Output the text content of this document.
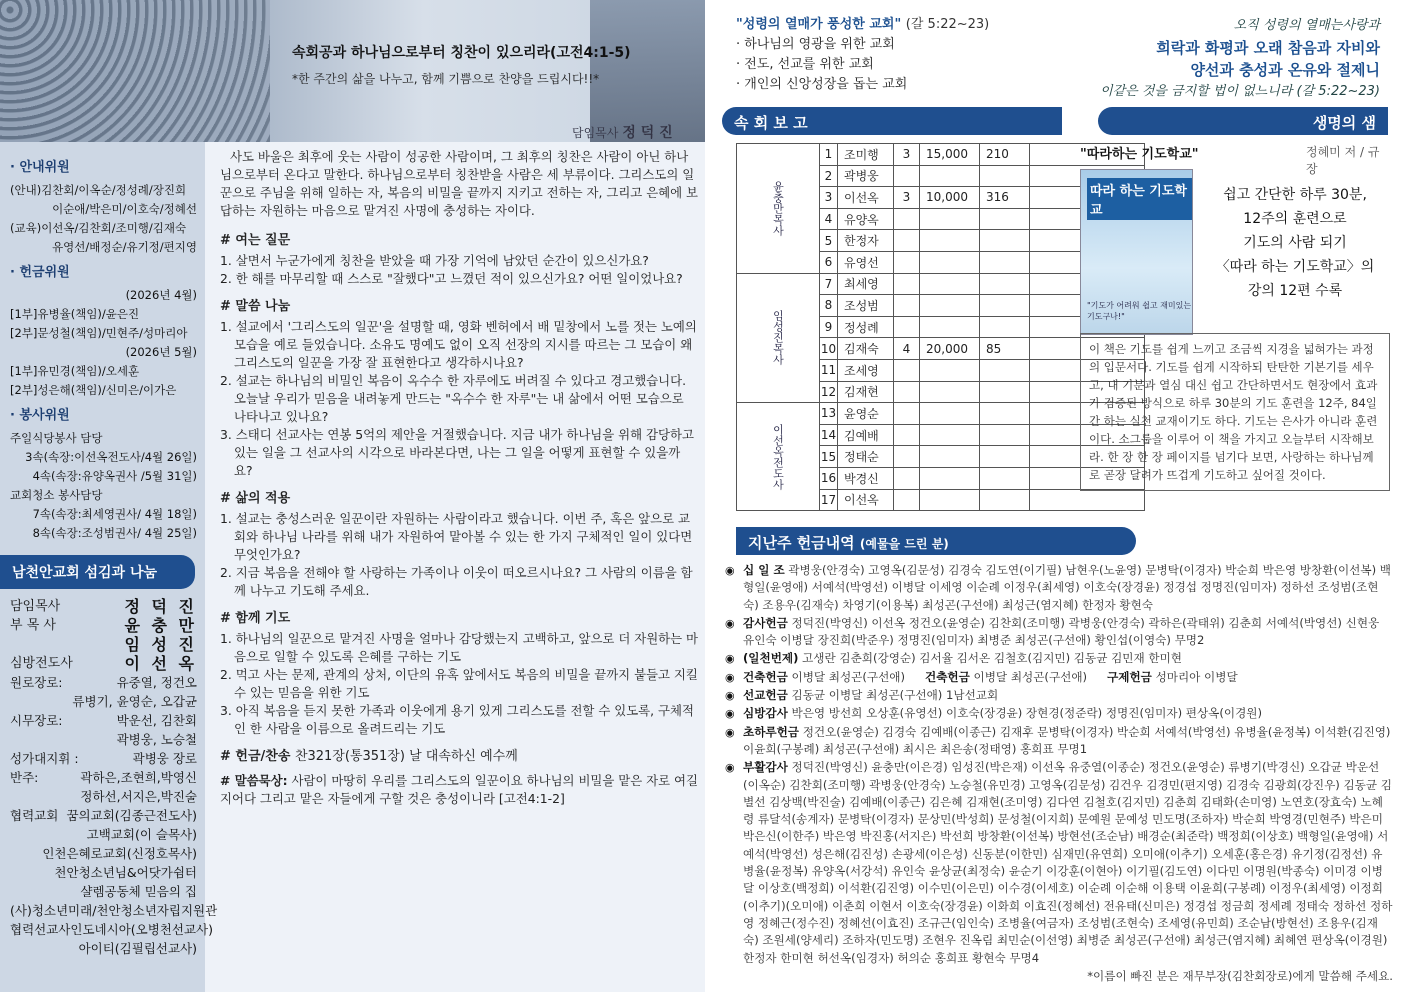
속회공과 하나님으로부터 칭찬이 있으리라(고전4:1-5)
*한 주간의 삶을 나누고, 함께 기쁨으로 찬양을 드립시다!!*
담임목사 정 덕 진
· 안내위원
(안내)김찬회/이옥순/정성례/장진희
이순애/박은미/이호숙/정혜선
(교육)이선옥/김찬회/조미행/김재숙
유영선/배정순/유기정/편지영
· 헌금위원
(2026년 4월)
[1부]유병율(책임)/윤은진
[2부]문성철(책임)/민현주/성마리아
(2026년 5월)
[1부]유민경(책임)/오세훈
[2부]성은해(책임)/신미은/이가은
· 봉사위원
주일식당봉사 담당
3속(속장:이선옥전도사/4월 26일)
4속(속장:유양옥권사 /5월 31일)
교회청소 봉사담당
7속(속장:최세영권사/ 4월 18일)
8속(속장:조성범권사/ 4월 25일)
남천안교회 섬김과 나눔
담임목사	정 덕 진
부 목 사	윤 충 만
임 성 진
심방전도사	이 선 옥
원로장로:	유중열, 정건오
류병기, 윤영순, 오갑균
시무장로:	박운선, 김찬회
곽병웅, 노승철
성가대지휘 :	곽병웅 장로
반주:	곽하은,조현희,박영신
정하선,서지은,박진술
협력교회 꿈의교회(김종근전도사)
고백교회(이 슬목사)
인천은혜로교회(신정호목사)
천안청소년님&어닷가쉼터
샬렘공동체 믿음의 집
(사)청소년미래/천안청소년자립지원관
협력선교사 인도네시아(오병천선교사)
아이티(김필립선교사)

사도 바울은 최후에 웃는 사람이 성공한 사람이며, 그 최후의 칭찬은 사람이 아닌 하나님으로부터 온다고 말한다. 하나님으로부터 칭찬받을 사람은 세 부류이다. 그리스도의 일꾼으로 주님을 위해 일하는 자, 복음의 비밀을 끝까지 지키고 전하는 자, 그리고 은혜에 보답하는 자원하는 마음으로 맡겨진 사명에 충성하는 자이다.

# 여는 질문
1. 살면서 누군가에게 칭찬을 받았을 때 가장 기억에 남았던 순간이 있으신가요?
2. 한 해를 마무리할 때 스스로 "잘했다"고 느꼈던 적이 있으신가요? 어떤 일이었나요?
# 말씀 나눔
1. 설교에서 '그리스도의 일꾼'을 설명할 때, 영화 벤허에서 배 밑창에서 노를 젓는 노예의 모습을 예로 들었습니다. 소유도 명예도 없이 오직 선장의 지시를 따르는 그 모습이 왜 그리스도의 일꾼을 가장 잘 표현한다고 생각하시나요?
2. 설교는 하나님의 비밀인 복음이 옥수수 한 자루에도 버려질 수 있다고 경고했습니다. 오늘날 우리가 믿음을 내려놓게 만드는 "옥수수 한 자루"는 내 삶에서 어떤 모습으로 나타나고 있나요?
3. 스태디 선교사는 연봉 5억의 제안을 거절했습니다. 지금 내가 하나님을 위해 감당하고 있는 일을 그 선교사의 시각으로 바라본다면, 나는 그 일을 어떻게 표현할 수 있을까요?
# 삶의 적용
1. 설교는 충성스러운 일꾼이란 자원하는 사람이라고 했습니다. 이번 주, 혹은 앞으로 교회와 하나님 나라를 위해 내가 자원하여 맡아볼 수 있는 한 가지 구체적인 일이 있다면 무엇인가요?
2. 지금 복음을 전해야 할 사랑하는 가족이나 이웃이 떠오르시나요? 그 사람의 이름을 함께 나누고 기도해 주세요.
# 함께 기도
1. 하나님의 일꾼으로 맡겨진 사명을 얼마나 감당했는지 고백하고, 앞으로 더 자원하는 마음으로 일할 수 있도록 은혜를 구하는 기도
2. 먹고 사는 문제, 관계의 상처, 이단의 유혹 앞에서도 복음의 비밀을 끝까지 붙들고 지킬 수 있는 믿음을 위한 기도
3. 아직 복음을 듣지 못한 가족과 이웃에게 용기 있게 그리스도를 전할 수 있도록, 구체적인 한 사람을 이름으로 올려드리는 기도
# 헌금/찬송 찬321장(통351장) 날 대속하신 예수께
# 말씀묵상: 사람이 마땅히 우리를 그리스도의 일꾼이요 하나님의 비밀을 맡은 자로 여길지어다 그리고 맡은 자들에게 구할 것은 충성이니라 [고전4:1-2]
"성령의 열매가 풍성한 교회" (갈 5:22~23)
· 하나님의 영광을 위한 교회
· 전도, 선교를 위한 교회
· 개인의 신앙성장을 돕는 교회
오직 성령의 열매는사랑과
희락과 화평과 오래 참음과 자비와
양선과 충성과 온유와 절제니
이같은 것을 금지할 법이 없느니라 (갈 5:22~23)
속 회 보 고	생명의 샘
윤충만목사	1	조미행	3	15,000	210	
	2	곽병웅				
	3	이선옥	3	10,000	316	
	4	유양옥				
	5	한정자				
	6	유영선				
임성진목사	7	최세영				
	8	조성범				
	9	정성례				
	10	김재숙	4	20,000	85	
	11	조세영				
	12	김재현				
이선옥전도사	13	윤영순				
	14	김예배				
	15	정태순				
	16	박경신				
	17	이선옥				
"따라하는 기도학교"	정혜미 저 / 규장
따라 하는 기도학교
"기도가 어려워 쉽고 재미있는 기도구나!"
쉽고 간단한 하루 30분,
12주의 훈련으로
기도의 사람 되기
〈따라 하는 기도학교〉의
강의 12편 수록
이 책은 기도를 쉽게 느끼고 조금씩 지경을 넓혀가는 과정의 입문서다. 기도를 쉽게 시작하되 탄탄한 기본기를 세우고, 내 기분과 열심 대신 쉽고 간단하면서도 현장에서 효과가 검증된 방식으로 하루 30분의 기도 훈련을 12주, 84일간 하는 실천 교재이기도 하다. 기도는 은사가 아니라 훈련이다. 소그룹을 이루어 이 책을 가지고 오늘부터 시작해보라. 한 장 한 장 페이지를 넘기다 보면, 사랑하는 하나님께로 곧장 달려가 뜨겁게 기도하고 싶어질 것이다.
지난주 헌금내역 (예물을 드린 분)
◉ 십 일 조 곽병웅(안경숙) 고영옥(김문성) 김경숙 김도연(이기필) 남현우(노윤영) 문병탁(이경자) 박순희 박은영 방창환(이선복) 백형일(윤영애) 서예석(박영선) 이병달 이세영 이순례 이정우(최세영) 이호숙(장경윤) 정경섭 정명진(임미자) 정하선 조성범(조현숙) 조용우(김재숙) 차영기(이용복) 최성곤(구선애) 최성근(염지혜) 한정자 황현숙
◉ 감사헌금 정덕진(박영신) 이선옥 정건오(윤영순) 김찬회(조미행) 곽병웅(안경숙) 곽하은(곽태위) 김춘희 서예석(박영선) 신현웅 유인숙 이병달 장진희(박준우) 정명진(임미자) 최병준 최성곤(구선애) 황인섭(이영숙) 무명2
◉ (일천번제) 고생란 김춘희(강영순) 김서율 김서온 김철호(김지민) 김동균 김민재 한미현
◉ 건축헌금 이병달 최성곤(구선애) 건축헌금 이병달 최성곤(구선애) 구제헌금 성마리아 이병달
◉ 선교헌금 김동균 이병달 최성곤(구선애) 1남선교회
◉ 심방감사 박은영 방선희 오상훈(유영선) 이호숙(장경윤) 장현경(정준락) 정명진(임미자) 편상옥(이경원)
◉ 초하루헌금 정건오(윤영순) 김경숙 김예배(이종근) 김재후 문병탁(이경자) 박순희 서예석(박영선) 유병율(윤정복) 이석환(김진영) 이윤희(구봉례) 최성곤(구선애) 최시은 최은송(정태영) 홍희표 무명1
◉ 부활감사 정덕진(박영신) 윤충만(이은경) 임성진(박은재) 이선옥 유중열(이종순) 정건오(윤영순) 류병기(박경신) 오갑균 박운선(이옥순) 김찬회(조미행) 곽병웅(안경숙) 노승철(유민경) 고영옥(김문성) 김건우 김경민(편지영) 김경숙 김광희(강진우) 김동균 김별선 김상백(박진술) 김예배(이종근) 김은혜 김재현(조미영) 김다연 김철호(김지민) 김춘희 김태화(손미영) 노연호(장효숙) 노혜령 류달석(송계자) 문병탁(이경자) 문상민(박성희) 문성철(이지희) 문예원 문예성 민도명(조하자) 박순희 박영경(민현주) 박은미 박은신(이한주) 박은영 박진홍(서지은) 박선희 방창환(이선복) 방현선(조순남) 배경순(최준락) 백정희(이상호) 백형일(윤영애) 서예석(박영선) 성은해(김진성) 손광세(이은성) 신동분(이한민) 심재민(유연희) 오미애(이추기) 오세훈(홍은경) 유기정(김정선) 유병율(윤정복) 유양옥(서강석) 유인숙 윤상균(최정숙) 윤순기 이강훈(이현아) 이기필(김도연) 이다민 이명원(박종숙) 이미경 이병달 이상호(백정희) 이석환(김진영) 이수민(이은민) 이수경(이세호) 이순례 이순해 이용택 이윤희(구봉례) 이정우(최세영) 이정희(이추기)(오미애) 이춘희 이현서 이호숙(장경윤) 이화희 이효진(정혜선) 전유태(신미은) 정경섭 정금희 정세례 정태숙 정하선 정하영 정혜근(정수진) 정혜선(이효진) 조규근(임인숙) 조병율(여금자) 조성범(조현숙) 조세영(유민희) 조순남(방현선) 조용우(김재숙) 조원세(양세리) 조하자(민도명) 조현우 진옥림 최민순(이선영) 최병준 최성곤(구선애) 최성근(염지혜) 최혜연 편상옥(이경원) 한정자 한미현 허선옥(임경자) 허의순 홍희표 황현숙 무명4
*이름이 빠진 분은 재무부장(김찬회장로)에게 말씀해 주세요.
